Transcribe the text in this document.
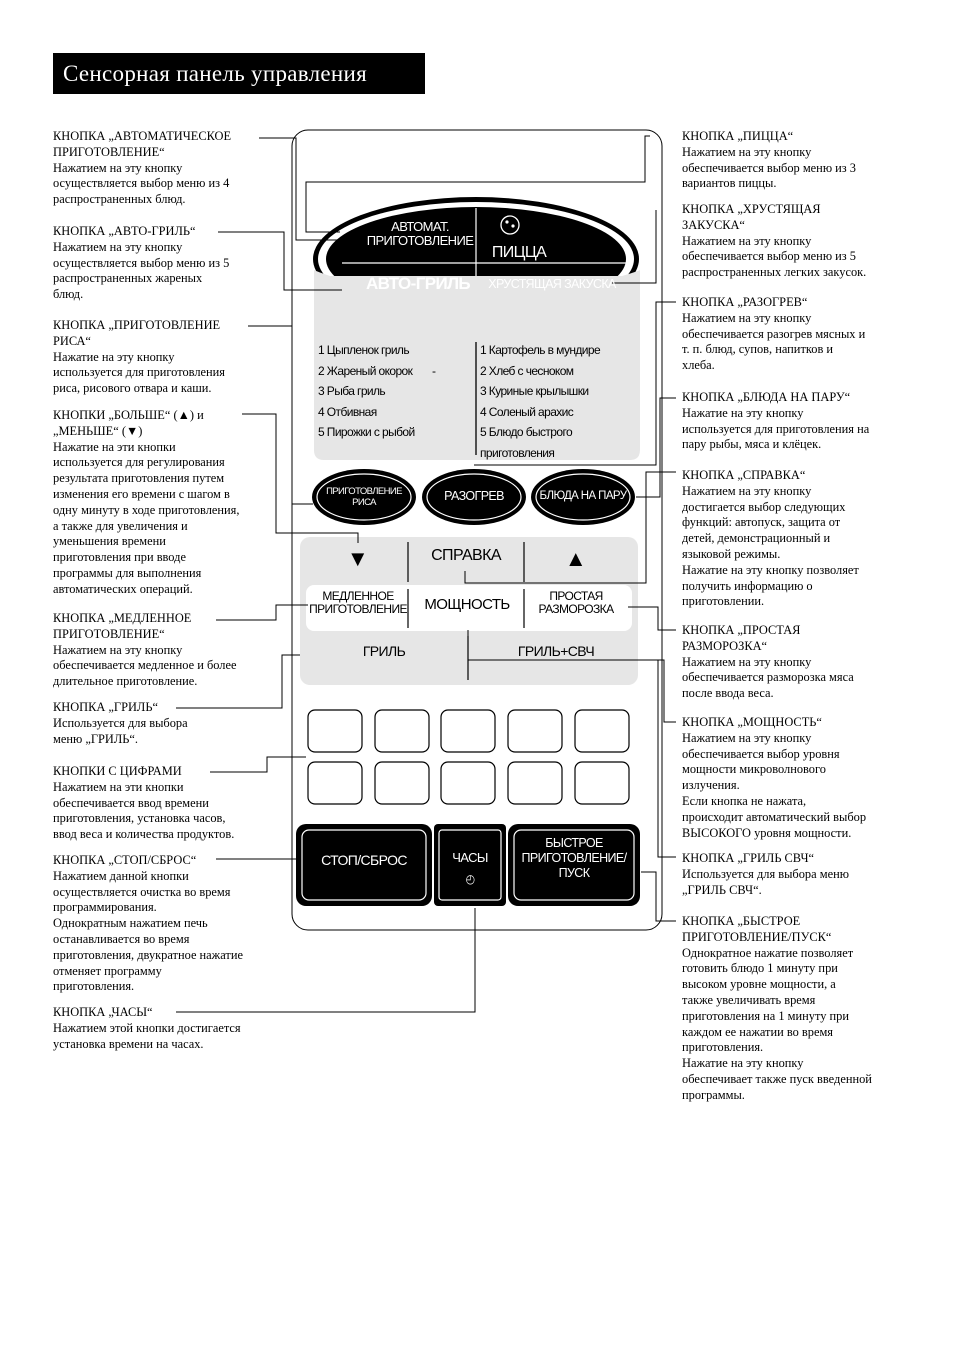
Сенсорная панель управления

КНОПКА „АВТОМАТИЧЕСКОЕ
ПРИГОТОВЛЕНИЕ“

Нажатием на эту кнопку
осуществляется выбор меню из 4
распространенных блюд.

КНОПКА „АВТО-ГРИЛЬ“

Нажатием на эту кнопку
осуществляется выбор меню из 5
распространенных жареных
блюд.

КНОПКА „ПРИГОТОВЛЕНИЕ
РИСА“

Нажатие на эту кнопку
используется для приготовления
риса, рисового отвара и каши.

КНОПКИ „БОЛЬШЕ“ (▲) и
„МЕНЬШЕ“ (▼)

Нажатие на эти кнопки
используется для регулирования
результата приготовления путем
изменения его времени с шагом в
одну минуту в ходе приготовления,
а также для увеличения и
уменьшения времени
приготовления при вводе
программы для выполнения
автоматических операций.

КНОПКА „МЕДЛЕННОЕ
ПРИГОТОВЛЕНИЕ“

Нажатием на эту кнопку
обеспечивается медленное и более
длительное приготовление.

КНОПКА „ГРИЛЬ“

Используется для выбора
меню „ГРИЛЬ“.

КНОПКИ С ЦИФРАМИ

Нажатием на эти кнопки
обеспечивается ввод времени
приготовления, установка часов,
ввод веса и количества продуктов.

КНОПКА „СТОП/СБРОС“

Нажатием данной кнопки
осуществляется очистка во время
программирования.
Однократным нажатием печь
останавливается во время
приготовления, двукратное нажатие
отменяет программу
приготовления.

КНОПКА „ЧАСЫ“

Нажатием этой кнопки достигается
установка времени на часах.

КНОПКА „ПИЦЦА“

Нажатием на эту кнопку
обеспечивается выбор меню из 3
вариантов пиццы.

КНОПКА „ХРУСТЯЩАЯ
ЗАКУСКА“

Нажатием на эту кнопку
обеспечивается выбор меню из 5
распространенных легких закусок.

КНОПКА „РАЗОГРЕВ“

Нажатием на эту кнопку
обеспечивается разогрев мясных и
т. п. блюд, супов, напитков и
хлеба.

КНОПКА „БЛЮДА НА ПАРУ“

Нажатие на эту кнопку
используется для приготовления на
пару рыбы, мяса и клёцек.

КНОПКА „СПРАВКА“

Нажатием на эту кнопку
достигается выбор следующих
функций: автопуск, защита от
детей, демонстрационный и
языковой режимы.
Нажатие на эту кнопку позволяет
получить информацию о
приготовлении.

КНОПКА „ПРОСТАЯ
РАЗМОРОЗКА“

Нажатием на эту кнопку
обеспечивается разморозка мяса
после ввода веса.

КНОПКА „МОЩНОСТЬ“

Нажатием на эту кнопку
обеспечивается выбор уровня
мощности микроволнового
излучения.
Если кнопка не нажата,
происходит автоматический выбор
ВЫСОКОГО уровня мощности.

КНОПКА „ГРИЛЬ СВЧ“

Используется для выбора меню
„ГРИЛЬ СВЧ“.

КНОПКА „БЫСТРОЕ
ПРИГОТОВЛЕНИЕ/ПУСК“

Однократное нажатие позволяет
готовить блюдо 1 минуту при
высоком уровне мощности, а
также увеличивать время
приготовления на 1 минуту при
каждом ее нажатии во время
приготовления.
Нажатие на эту кнопку
обеспечивает также пуск введенной
программы.

АВТОМАТ.
ПРИГОТОВЛЕНИЕ
ПИЦЦА
АВТО-ГРИЛЬ	ХРУСТЯЩАЯ ЗАКУСКА
1 Цыпленок гриль
2 Жареный окорок
3 Рыба гриль
4 Отбивная
5 Пирожки с рыбой
-
1 Картофель в мундире
2 Хлеб с чесноком
3 Куриные крылышки
4 Соленый арахис
5 Блюдо быстрого
приготовления
ПРИГОТОВЛЕНИЕ
РИСА	РАЗОГРЕВ	БЛЮДА НА ПАРУ
▼	СПРАВКА	▲
МЕДЛЕННОЕ
ПРИГОТОВЛЕНИЕ	МОЩНОСТЬ	ПРОСТАЯ
РАЗМОРОЗКА
ГРИЛЬ	ГРИЛЬ+СВЧ
СТОП/СБРОС	ЧАСЫ
◴
БЫСТРОЕ
ПРИГОТОВЛЕНИЕ/
ПУСК
